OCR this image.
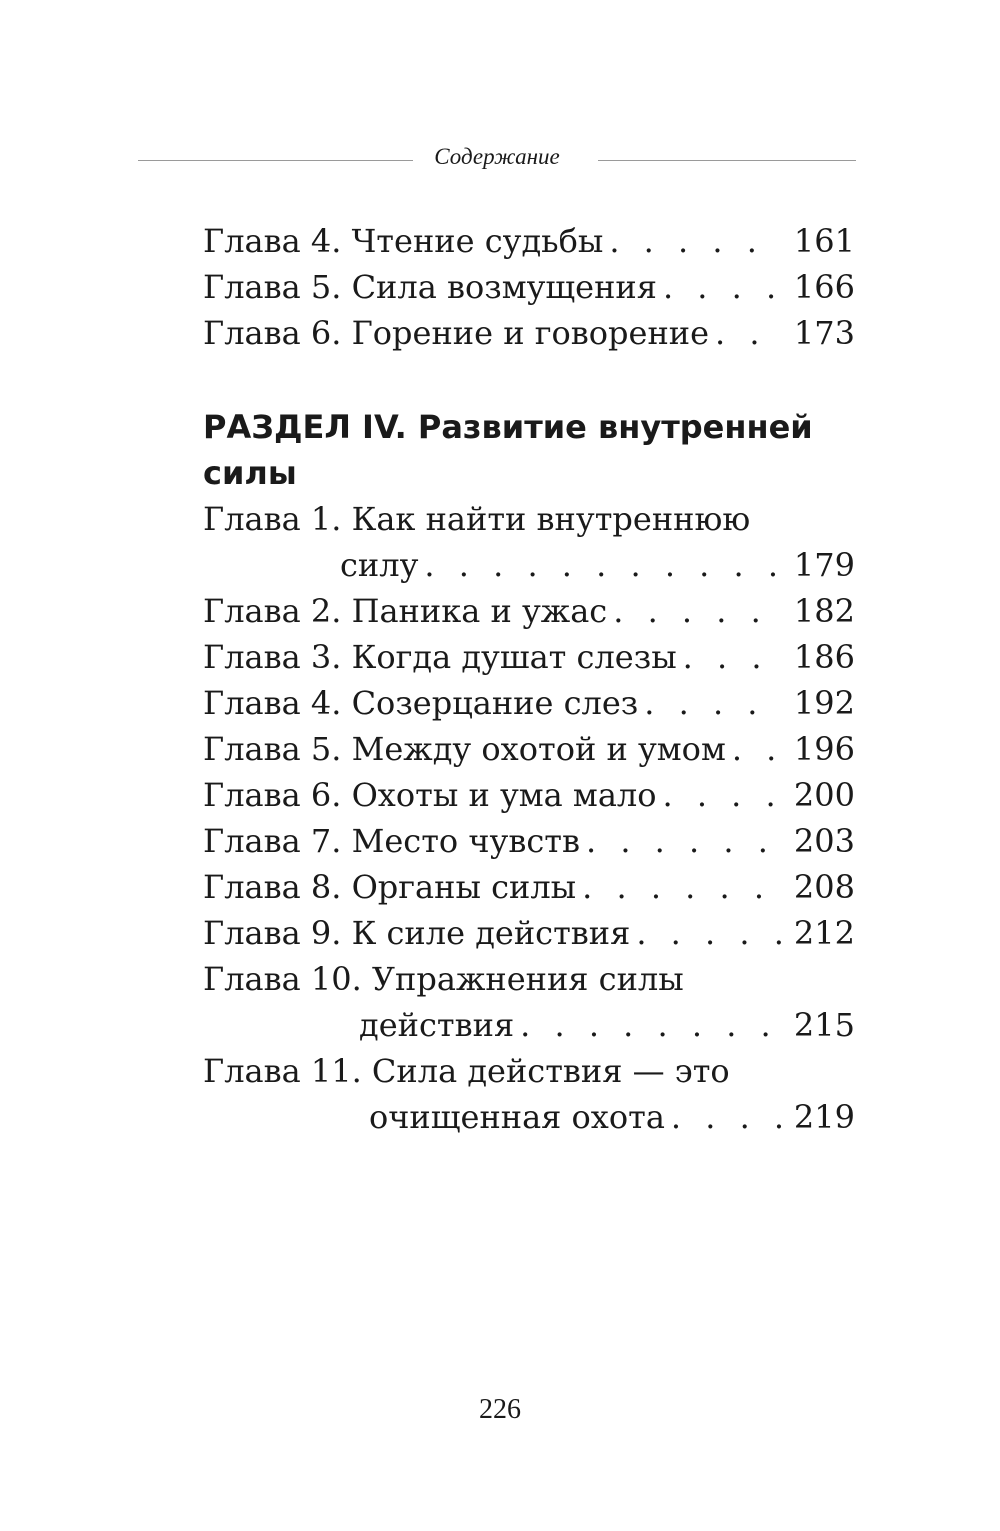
Содержание
Глава 4. Чтение судьбы . . .	161
Глава 5. Сила возмущения . . .	166
Глава 6. Горение и говорение . . .	173
РАЗДЕЛ IV. Развитие внутренней силы
Глава 1. Как найти внутреннюю
силу . . .	179
Глава 2. Паника и ужас . . .	182
Глава 3. Когда душат слезы . . .	186
Глава 4. Созерцание слез . . .	192
Глава 5. Между охотой и умом . . . 196
Глава 6. Охоты и ума мало . . .	200
Глава 7. Место чувств . . .	203
Глава 8. Органы силы . . .	208
Глава 9. К силе действия . . .	212
Глава 10. Упражнения силы
действия . . .	215
Глава 11. Сила действия — это
очищенная охота . . .	219
226
